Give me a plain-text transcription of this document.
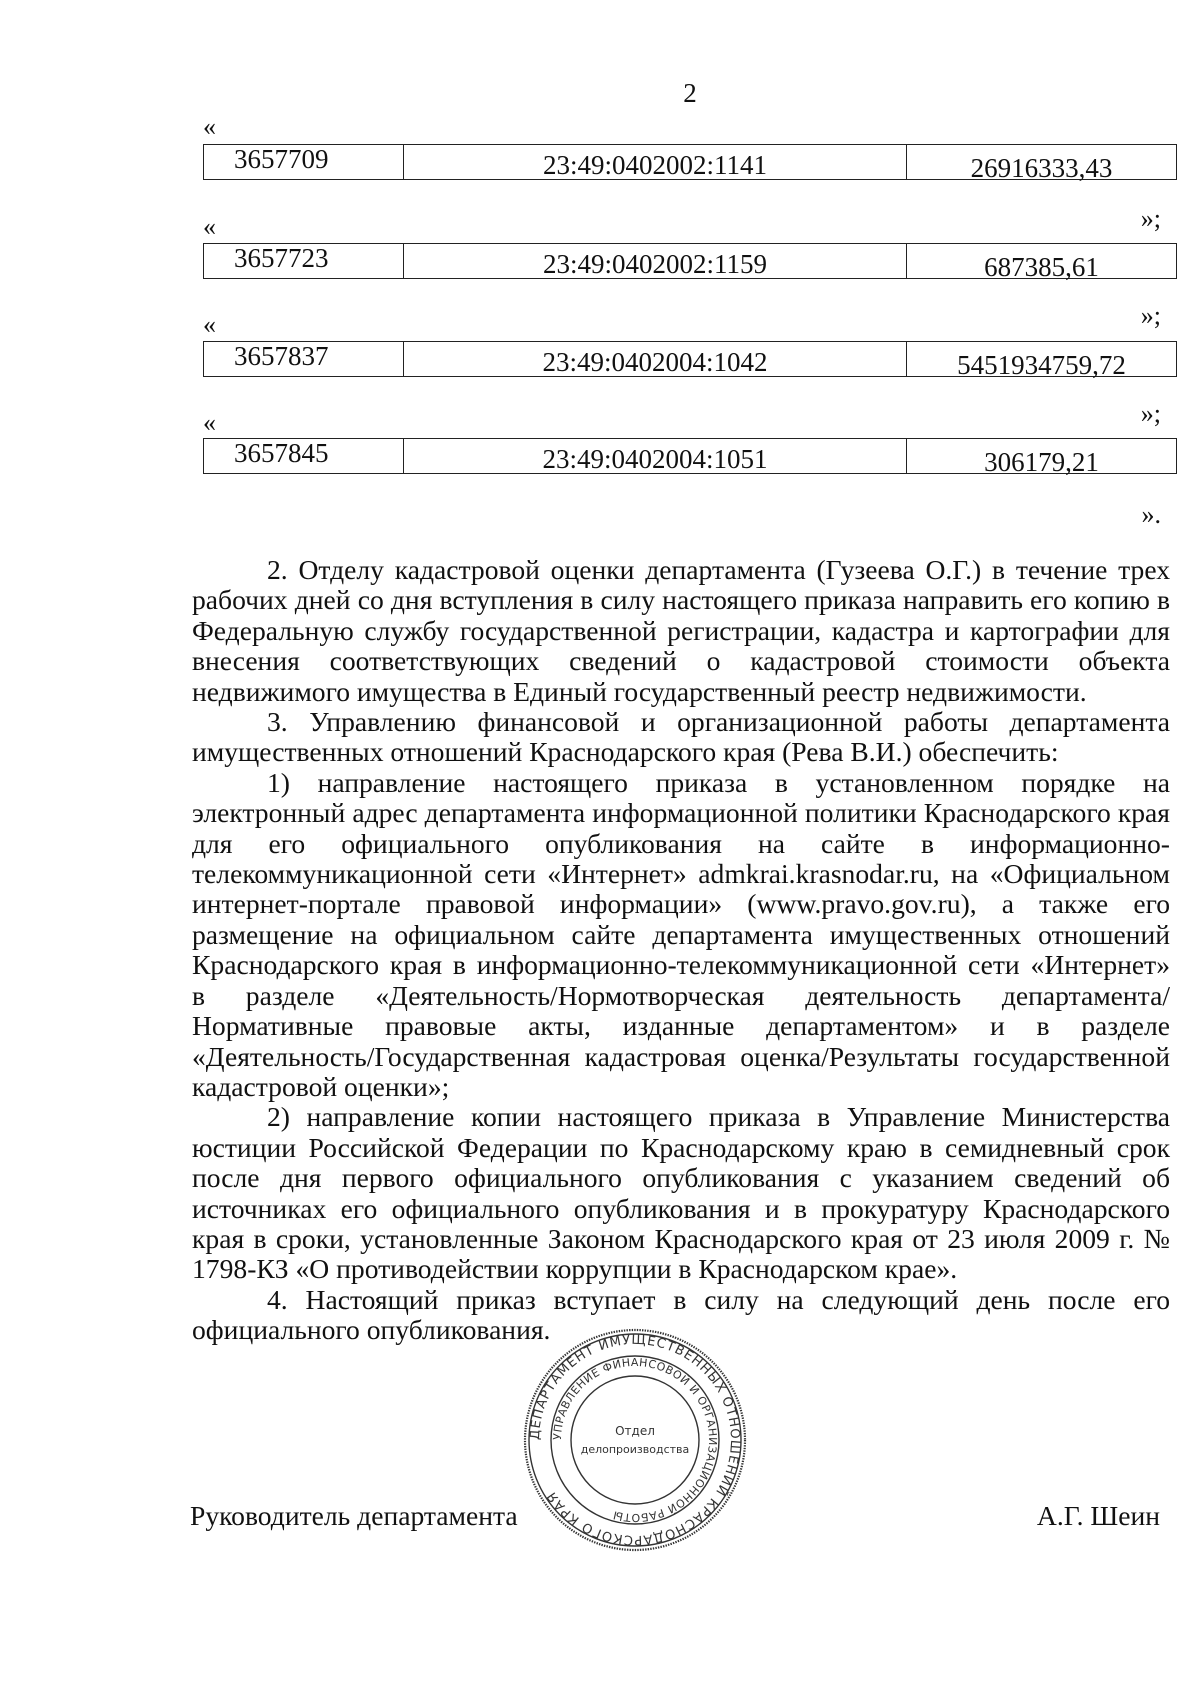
2
«
3657709	23:49:0402002:1141	26916333,43
»;
«
3657723	23:49:0402002:1159	687385,61
»;
«
3657837	23:49:0402004:1042	5451934759,72
»;
«
3657845	23:49:0402004:1051	306179,21
».

2. Отделу кадастровой оценки департамента (Гузеева О.Г.) в течение трех рабочих дней со дня вступления в силу настоящего приказа направить его копию в Федеральную службу государственной регистрации, кадастра и картографии для внесения соответствующих сведений о кадастровой стоимости объекта недвижимого имущества в Единый государственный реестр недвижимости.

3. Управлению финансовой и организационной работы департамента имущественных отношений Краснодарского края (Рева В.И.) обеспечить:

1) направление настоящего приказа в установленном порядке на электронный адрес департамента информационной политики Краснодарского края для его официального опубликования на сайте в информационно-телекоммуникационной сети «Интернет» admkrai.krasnodar.ru, на «Официальном интернет-портале правовой информации» (www.pravo.gov.ru), а также его размещение на официальном сайте департамента имущественных отношений Краснодарского края в информационно-телекоммуникационной сети «Интернет» в разделе «Деятельность/Нормотворческая деятельность департамента/Нормативные правовые акты, изданные департаментом» и в разделе «Деятельность/Государственная кадастровая оценка/Результаты государственной кадастровой оценки»;

2) направление копии настоящего приказа в Управление Министерства юстиции Российской Федерации по Краснодарскому краю в семидневный срок после дня первого официального опубликования с указанием сведений об источниках его официального опубликования и в прокуратуру Краснодарского края в сроки, установленные Законом Краснодарского края от 23 июля 2009 г. № 1798-КЗ «О противодействии коррупции в Краснодарском крае».

4. Настоящий приказ вступает в силу на следующий день после его официального опубликования.

ДЕПАРТАМЕНТ ИМУЩЕСТВЕННЫХ ОТНОШЕНИЙ КРАСНОДАРСКОГО КРАЯ
УПРАВЛЕНИЕ ФИНАНСОВОЙ И ОРГАНИЗАЦИОННОЙ РАБОТЫ
Отдел
делопроизводства
Руководитель департамента	А.Г. Шеин
